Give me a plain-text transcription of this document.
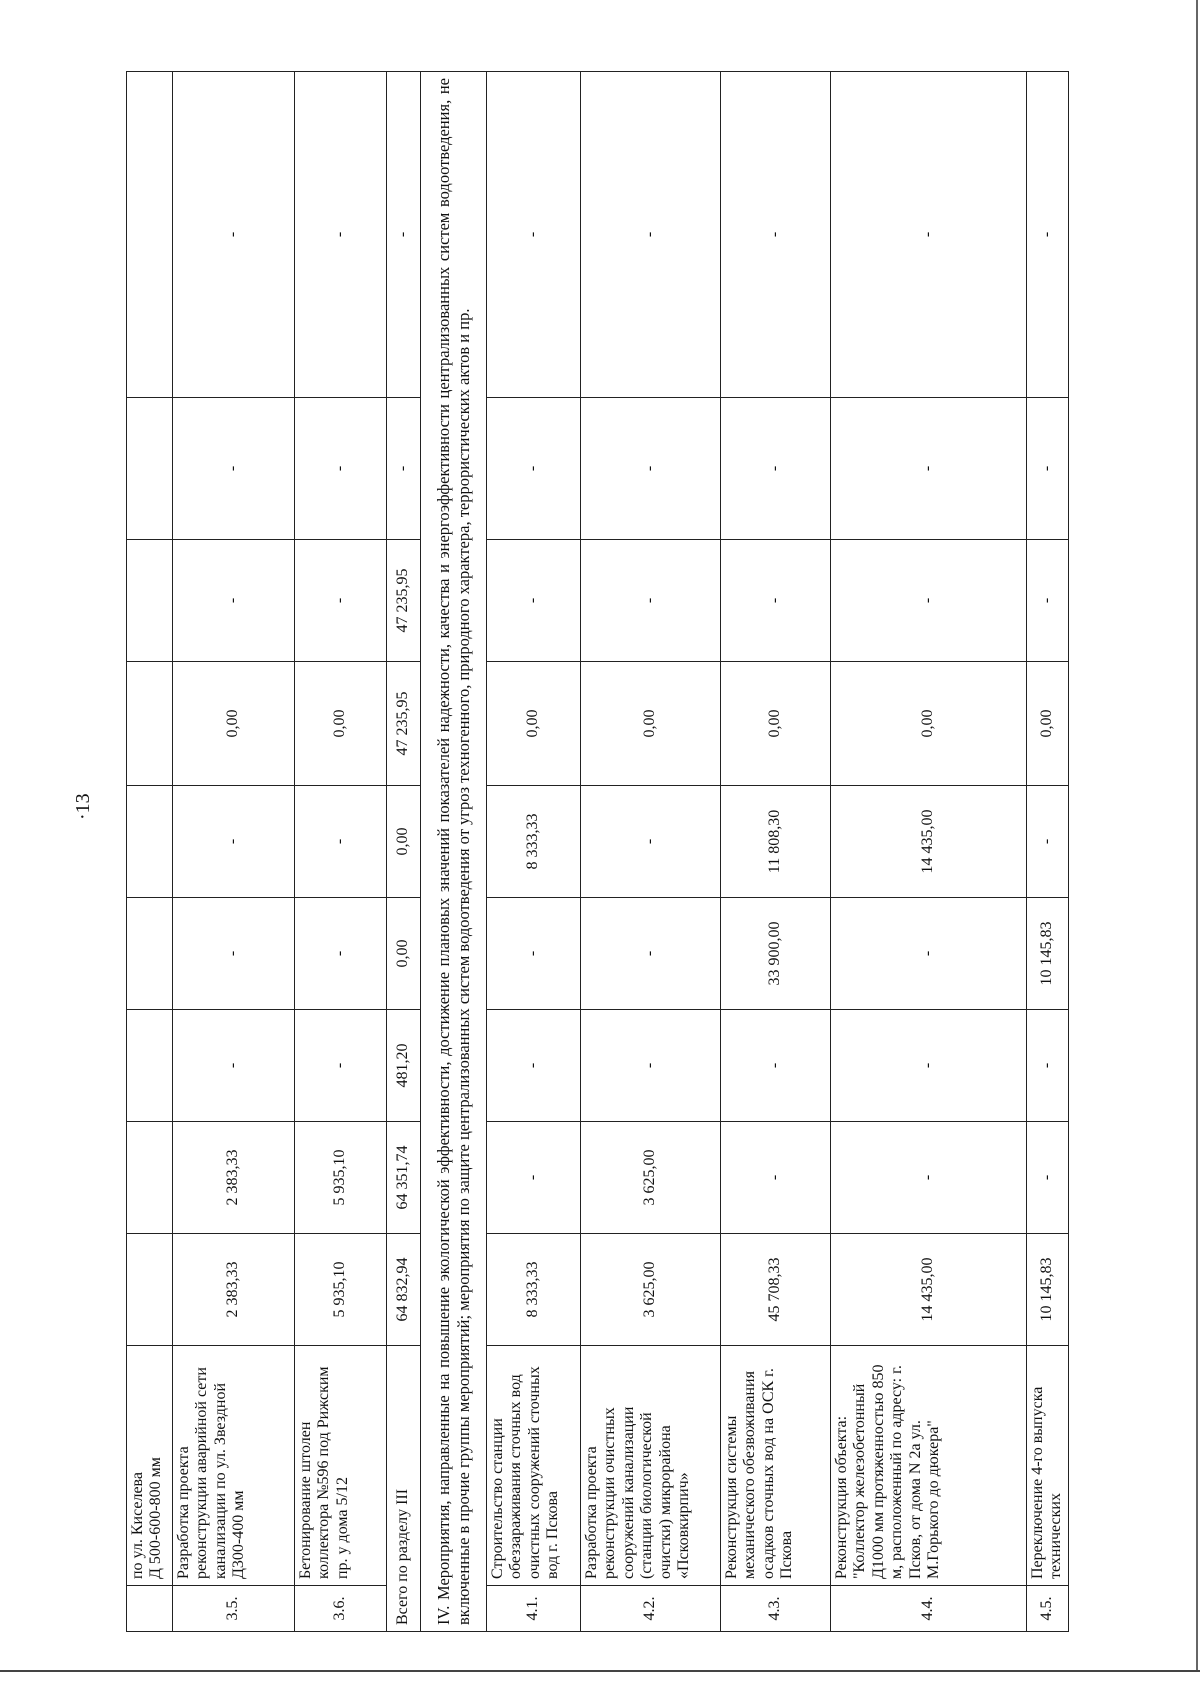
·13
	по ул. Киселева
Д 500-600-800 мм									
3.5.	Разработка проекта реконструкции аварийной сети канализации по ул. Звездной Д300-400 мм	2 383,33	2 383,33	-	-	-	0,00	-	-	-
3.6.	Бетонирование штолен коллектора №596 под Рижским пр. у дома 5/12	5 935,10	5 935,10	-	-	-	0,00	-	-	-
Всего по разделу III		64 832,94	64 351,74	481,20	0,00	0,00	47 235,95	47 235,95	-	-
IV. Мероприятия, направленные на повышение экологической эффективности, достижение плановых значений показателей надежности, качества и энергоэффективности централизованных систем водоотведения, не включенные в прочие группы мероприятий; мероприятия по защите централизованных систем водоотведения от угроз техногенного, природного характера, террористических актов и пр.										
4.1.	Строительство станции обеззараживания сточных вод очистных сооружений сточных вод г. Пскова	8 333,33	-	-	-	8 333,33	0,00	-	-	-
4.2.	Разработка проекта реконструкции очистных сооружений канализации (станции биологической очистки) микрорайона «Псковкирпич»	3 625,00	3 625,00	-	-	-	0,00	-	-	-
4.3.	Реконструкция системы механического обезвоживания осадков сточных вод на ОСК г. Пскова	45 708,33	-	-	33 900,00	11 808,30	0,00	-	-	-
4.4.	Реконструкция объекта: "Коллектор железобетонный Д1000 мм протяженностью 850 м, расположенный по адресу: г. Псков, от дома N 2а ул. М.Горького до дюкера"	14 435,00	-	-	-	14 435,00	0,00	-	-	-
4.5.	Переключение 4-го выпуска технических	10 145,83	-	-	10 145,83	-	0,00	-	-	-
